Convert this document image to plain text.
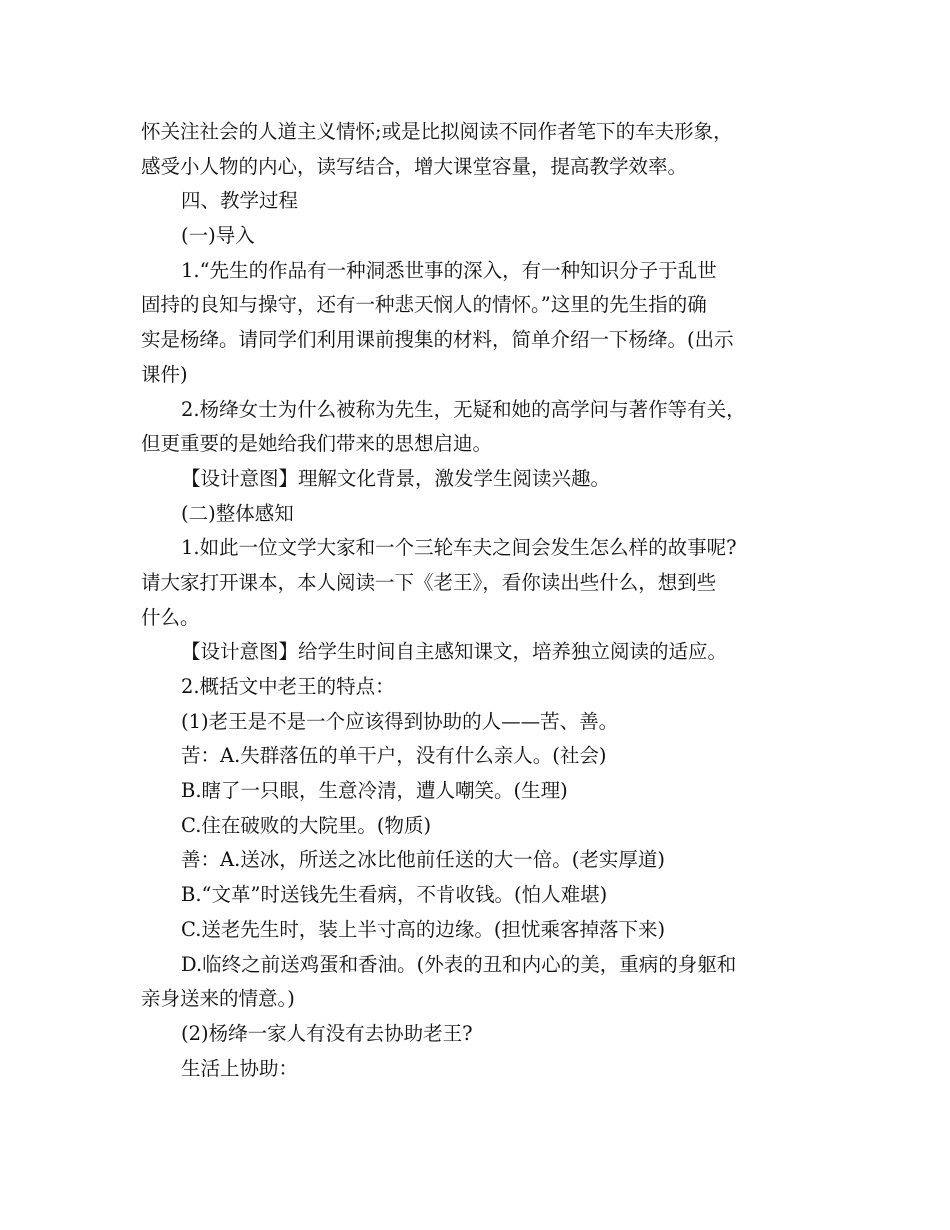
怀关注社会的人道主义情怀;或是比拟阅读不同作者笔下的车夫形象，
感受小人物的内心，读写结合，增大课堂容量，提高教学效率。
四、教学过程
(一)导入
1.“先生的作品有一种洞悉世事的深入，有一种知识分子于乱世
固持的良知与操守，还有一种悲天悯人的情怀。”这里的先生指的确
实是杨绛。请同学们利用课前搜集的材料，简单介绍一下杨绛。(出示
课件)
2.杨绛女士为什么被称为先生，无疑和她的高学问与著作等有关，
但更重要的是她给我们带来的思想启迪。
【设计意图】理解文化背景，激发学生阅读兴趣。
(二)整体感知
1.如此一位文学大家和一个三轮车夫之间会发生怎么样的故事呢?
请大家打开课本，本人阅读一下《老王》，看你读出些什么，想到些
什么。
【设计意图】给学生时间自主感知课文，培养独立阅读的适应。
2.概括文中老王的特点：
(1)老王是不是一个应该得到协助的人——苦、善。
苦：A.失群落伍的单干户，没有什么亲人。(社会)
B.瞎了一只眼，生意冷清，遭人嘲笑。(生理)
C.住在破败的大院里。(物质)
善：A.送冰，所送之冰比他前任送的大一倍。(老实厚道)
B.“文革”时送钱先生看病，不肯收钱。(怕人难堪)
C.送老先生时，装上半寸高的边缘。(担忧乘客掉落下来)
D.临终之前送鸡蛋和香油。(外表的丑和内心的美，重病的身躯和
亲身送来的情意。)
(2)杨绛一家人有没有去协助老王?
生活上协助：
